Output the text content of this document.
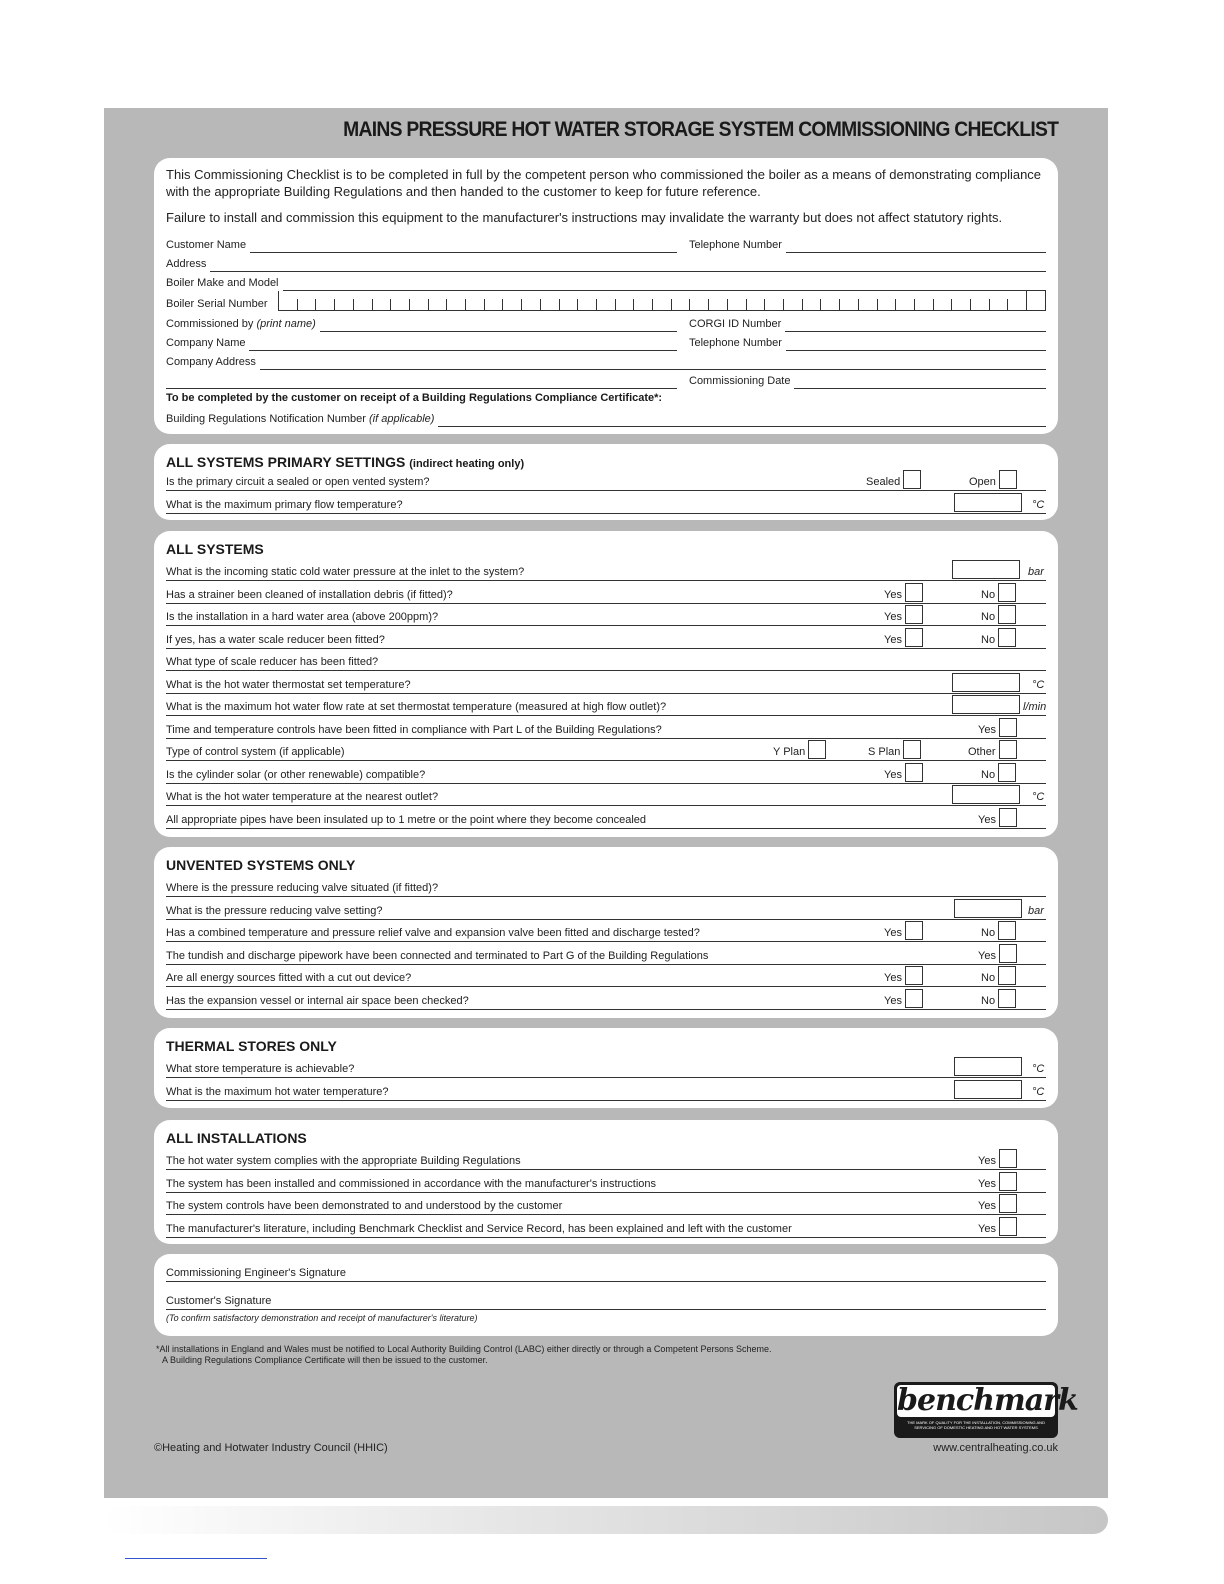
MAINS PRESSURE HOT WATER STORAGE SYSTEM COMMISSIONING CHECKLIST
This Commissioning Checklist is to be completed in full by the competent person who commissioned the boiler as a means of demonstrating compliance with the appropriate Building Regulations and then handed to the customer to keep for future reference.
Failure to install and commission this equipment to the manufacturer's instructions may invalidate the warranty but does not affect statutory rights.
Customer Name	Telephone Number
Address
Boiler Make and Model
Boiler Serial Number
Commissioned by (print name)	CORGI ID Number
Company Name	Telephone Number
Company Address
Commissioning Date
To be completed by the customer on receipt of a Building Regulations Compliance Certificate*:
Building Regulations Notification Number (if applicable)
ALL SYSTEMS PRIMARY SETTINGS (indirect heating only)
Is the primary circuit a sealed or open vented system?	Sealed	Open
What is the maximum primary flow temperature?	°C
ALL SYSTEMS
What is the incoming static cold water pressure at the inlet to the system?	bar
Has a strainer been cleaned of installation debris (if fitted)?	Yes	No
Is the installation in a hard water area (above 200ppm)?	Yes	No
If yes, has a water scale reducer been fitted?	Yes	No
What type of scale reducer has been fitted?
What is the hot water thermostat set temperature?	°C
What is the maximum hot water flow rate at set thermostat temperature (measured at high flow outlet)?	l/min
Time and temperature controls have been fitted in compliance with Part L of the Building Regulations?	Yes
Type of control system (if applicable)	Y Plan	S Plan	Other
Is the cylinder solar (or other renewable) compatible?	Yes	No
What is the hot water temperature at the nearest outlet?	°C
All appropriate pipes have been insulated up to 1 metre or the point where they become concealed	Yes
UNVENTED SYSTEMS ONLY
Where is the pressure reducing valve situated (if fitted)?
What is the pressure reducing valve setting?	bar
Has a combined temperature and pressure relief valve and expansion valve been fitted and discharge tested?	Yes	No
The tundish and discharge pipework have been connected and terminated to Part G of the Building Regulations	Yes
Are all energy sources fitted with a cut out device?	Yes	No
Has the expansion vessel or internal air space been checked?	Yes	No
THERMAL STORES ONLY
What store temperature is achievable?	°C
What is the maximum hot water temperature?	°C
ALL INSTALLATIONS
The hot water system complies with the appropriate Building Regulations	Yes
The system has been installed and commissioned in accordance with the manufacturer's instructions	Yes
The system controls have been demonstrated to and understood by the customer	Yes
The manufacturer's literature, including Benchmark Checklist and Service Record, has been explained and left with the customer	Yes
Commissioning Engineer's Signature
Customer's Signature
(To confirm satisfactory demonstration and receipt of manufacturer's literature)
*All installations in England and Wales must be notified to Local Authority Building Control (LABC) either directly or through a Competent Persons Scheme.
A Building Regulations Compliance Certificate will then be issued to the customer.
benchmark
THE MARK OF QUALITY FOR THE INSTALLATION, COMMISSIONING AND SERVICING OF DOMESTIC HEATING AND HOT WATER SYSTEMS
©Heating and Hotwater Industry Council (HHIC)	www.centralheating.co.uk
